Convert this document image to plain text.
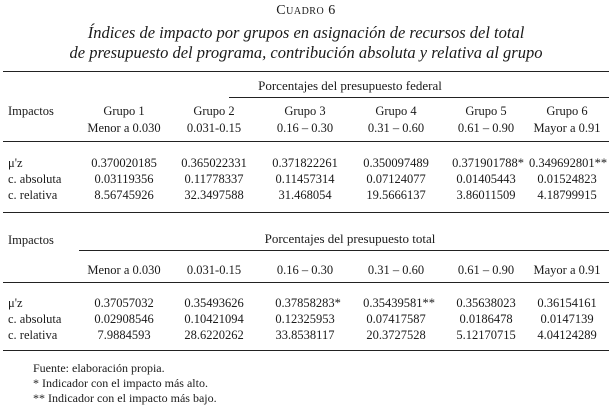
Cuadro 6
Índices de impacto por grupos en asignación de recursos del total
de presupuesto del programa, contribución absoluta y relativa al grupo
Porcentajes del presupuesto federal
Impactos	Grupo 1	Grupo 2	Grupo 3	Grupo 4	Grupo 5	Grupo 6
Menor a 0.030	0.031-0.15	0.16 – 0.30	0.31 – 0.60	0.61 – 0.90	Mayor a 0.91
μ'z	0.370020185	0.365022331	0.371822261	0.350097489	0.371901788* 0.349692801**
c. absoluta	0.03119356	0.11778337	0.11457314	0.07124077	0.01405443	0.01524823
c. relativa	8.56745926	32.3497588	31.468054	19.5666137	3.86011509	4.18799915
Impactos	Porcentajes del presupuesto total
Menor a 0.030	0.031-0.15	0.16 – 0.30	0.31 – 0.60	0.61 – 0.90	Mayor a 0.91
μ'z	0.37057032	0.35493626	0.37858283*	0.35439581**	0.35638023	0.36154161
c. absoluta	0.02908546	0.10421094	0.12325953	0.07417587	0.0186478	0.0147139
c. relativa	7.9884593	28.6220262	33.8538117	20.3727528	5.12170715	4.04124289
Fuente: elaboración propia.
* Indicador con el impacto más alto.
** Indicador con el impacto más bajo.
